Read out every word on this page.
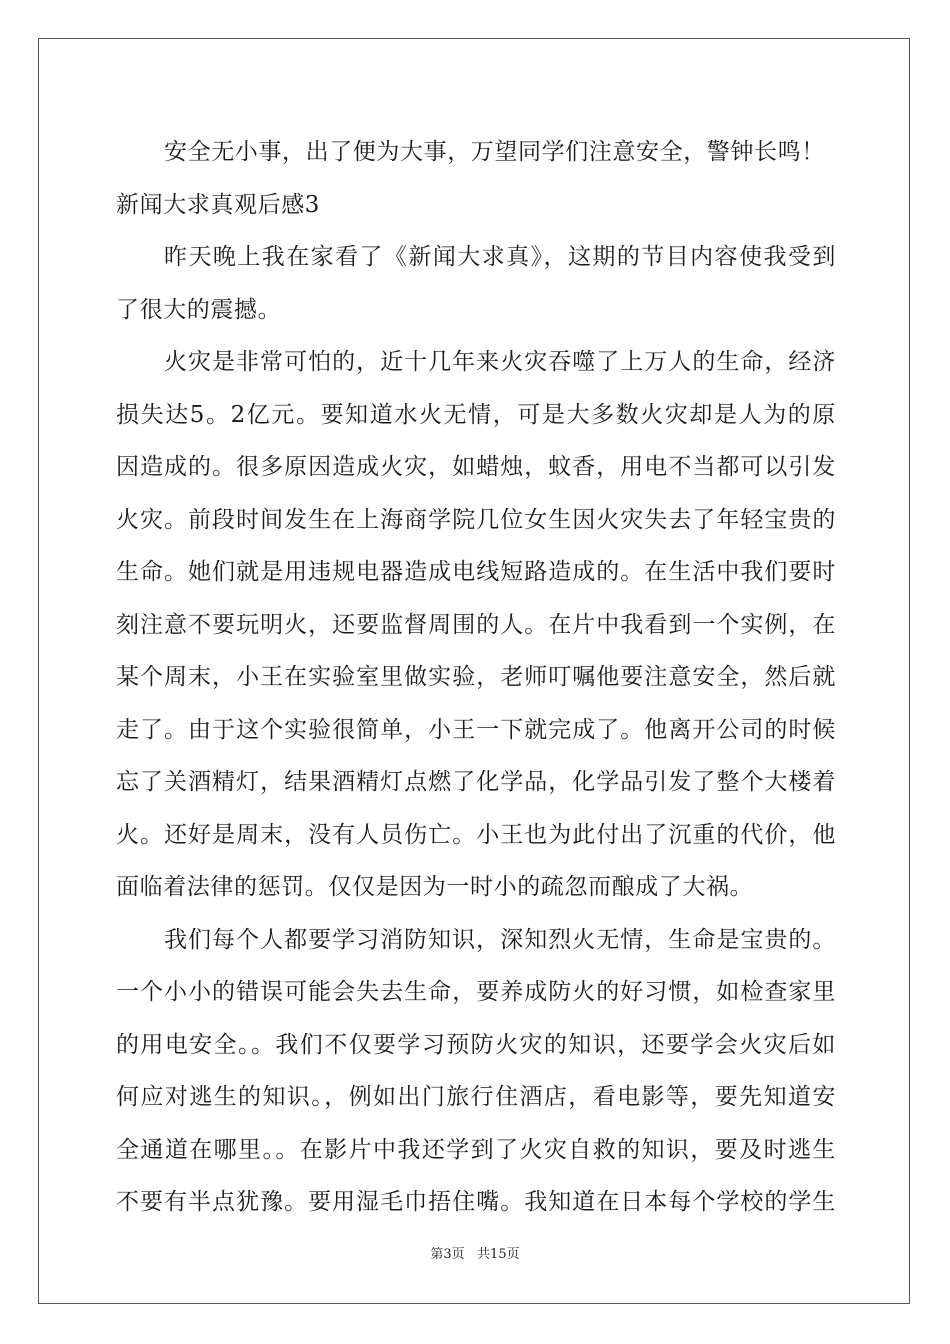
安全无小事，出了便为大事，万望同学们注意安全，警钟长鸣！
新闻大求真观后感3
昨天晚上我在家看了《新闻大求真》，这期的节目内容使我受到
了很大的震撼。
火灾是非常可怕的，近十几年来火灾吞噬了上万人的生命，经济
损失达5。2亿元。要知道水火无情，可是大多数火灾却是人为的原
因造成的。很多原因造成火灾，如蜡烛，蚊香，用电不当都可以引发
火灾。前段时间发生在上海商学院几位女生因火灾失去了年轻宝贵的
生命。她们就是用违规电器造成电线短路造成的。在生活中我们要时
刻注意不要玩明火，还要监督周围的人。在片中我看到一个实例，在
某个周末，小王在实验室里做实验，老师叮嘱他要注意安全，然后就
走了。由于这个实验很简单，小王一下就完成了。他离开公司的时候
忘了关酒精灯，结果酒精灯点燃了化学品，化学品引发了整个大楼着
火。还好是周末，没有人员伤亡。小王也为此付出了沉重的代价，他
面临着法律的惩罚。仅仅是因为一时小的疏忽而酿成了大祸。
我们每个人都要学习消防知识，深知烈火无情，生命是宝贵的。
一个小小的错误可能会失去生命，要养成防火的好习惯，如检查家里
的用电安全。。我们不仅要学习预防火灾的知识，还要学会火灾后如
何应对逃生的知识。，例如出门旅行住酒店，看电影等，要先知道安
全通道在哪里。。在影片中我还学到了火灾自救的知识，要及时逃生
不要有半点犹豫。要用湿毛巾捂住嘴。我知道在日本每个学校的学生
第3页   共15页
